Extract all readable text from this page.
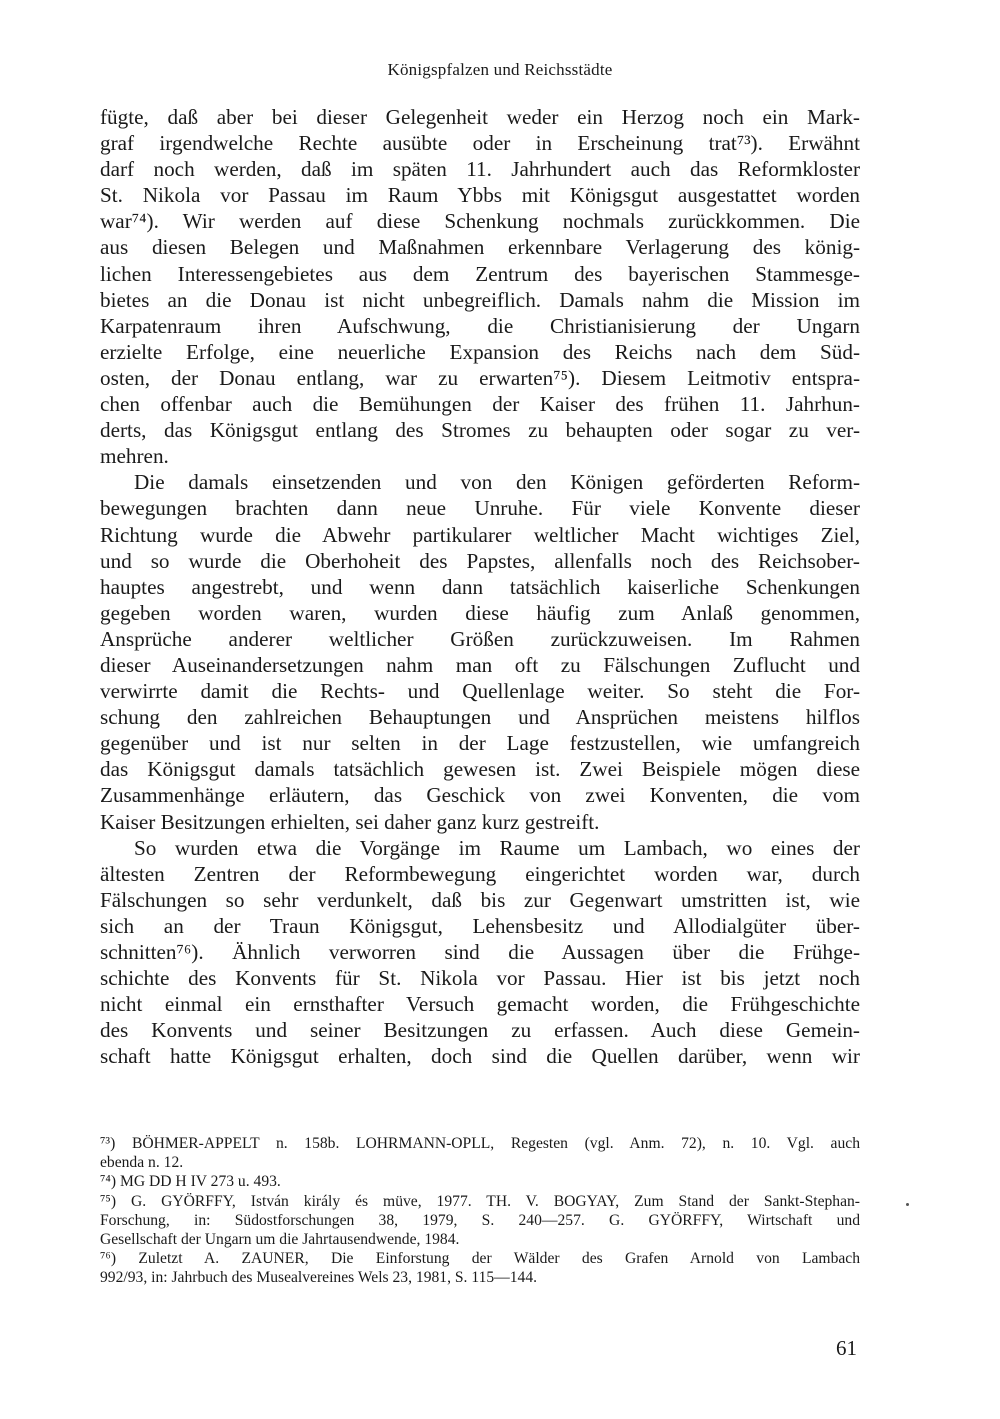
Königspfalzen und Reichsstädte
fügte, daß aber bei dieser Gelegenheit weder ein Herzog noch ein Mark-
graf irgendwelche Rechte ausübte oder in Erscheinung trat⁷³). Erwähnt
darf noch werden, daß im späten 11. Jahrhundert auch das Reformkloster
St. Nikola vor Passau im Raum Ybbs mit Königsgut ausgestattet worden
war⁷⁴). Wir werden auf diese Schenkung nochmals zurückkommen. Die
aus diesen Belegen und Maßnahmen erkennbare Verlagerung des könig-
lichen Interessengebietes aus dem Zentrum des bayerischen Stammesge-
bietes an die Donau ist nicht unbegreiflich. Damals nahm die Mission im
Karpatenraum ihren Aufschwung, die Christianisierung der Ungarn
erzielte Erfolge, eine neuerliche Expansion des Reichs nach dem Süd-
osten, der Donau entlang, war zu erwarten⁷⁵). Diesem Leitmotiv entspra-
chen offenbar auch die Bemühungen der Kaiser des frühen 11. Jahrhun-
derts, das Königsgut entlang des Stromes zu behaupten oder sogar zu ver-
mehren.
Die damals einsetzenden und von den Königen geförderten Reform-
bewegungen brachten dann neue Unruhe. Für viele Konvente dieser
Richtung wurde die Abwehr partikularer weltlicher Macht wichtiges Ziel,
und so wurde die Oberhoheit des Papstes, allenfalls noch des Reichsober-
hauptes angestrebt, und wenn dann tatsächlich kaiserliche Schenkungen
gegeben worden waren, wurden diese häufig zum Anlaß genommen,
Ansprüche anderer weltlicher Größen zurückzuweisen. Im Rahmen
dieser Auseinandersetzungen nahm man oft zu Fälschungen Zuflucht und
verwirrte damit die Rechts- und Quellenlage weiter. So steht die For-
schung den zahlreichen Behauptungen und Ansprüchen meistens hilflos
gegenüber und ist nur selten in der Lage festzustellen, wie umfangreich
das Königsgut damals tatsächlich gewesen ist. Zwei Beispiele mögen diese
Zusammenhänge erläutern, das Geschick von zwei Konventen, die vom
Kaiser Besitzungen erhielten, sei daher ganz kurz gestreift.
So wurden etwa die Vorgänge im Raume um Lambach, wo eines der
ältesten Zentren der Reformbewegung eingerichtet worden war, durch
Fälschungen so sehr verdunkelt, daß bis zur Gegenwart umstritten ist, wie
sich an der Traun Königsgut, Lehensbesitz und Allodialgüter über-
schnitten⁷⁶). Ähnlich verworren sind die Aussagen über die Frühge-
schichte des Konvents für St. Nikola vor Passau. Hier ist bis jetzt noch
nicht einmal ein ernsthafter Versuch gemacht worden, die Frühgeschichte
des Konvents und seiner Besitzungen zu erfassen. Auch diese Gemein-
schaft hatte Königsgut erhalten, doch sind die Quellen darüber, wenn wir
⁷³) BÖHMER-APPELT n. 158b. LOHRMANN-OPLL, Regesten (vgl. Anm. 72), n. 10. Vgl. auch
ebenda n. 12.
⁷⁴) MG DD H IV 273 u. 493.
⁷⁵) G. GYÖRFFY, István király és müve, 1977. TH. V. BOGYAY, Zum Stand der Sankt-Stephan-
Forschung, in: Südostforschungen 38, 1979, S. 240—257. G. GYÖRFFY, Wirtschaft und
Gesellschaft der Ungarn um die Jahrtausendwende, 1984.
⁷⁶) Zuletzt A. ZAUNER, Die Einforstung der Wälder des Grafen Arnold von Lambach
992/93, in: Jahrbuch des Musealvereines Wels 23, 1981, S. 115—144.
61
